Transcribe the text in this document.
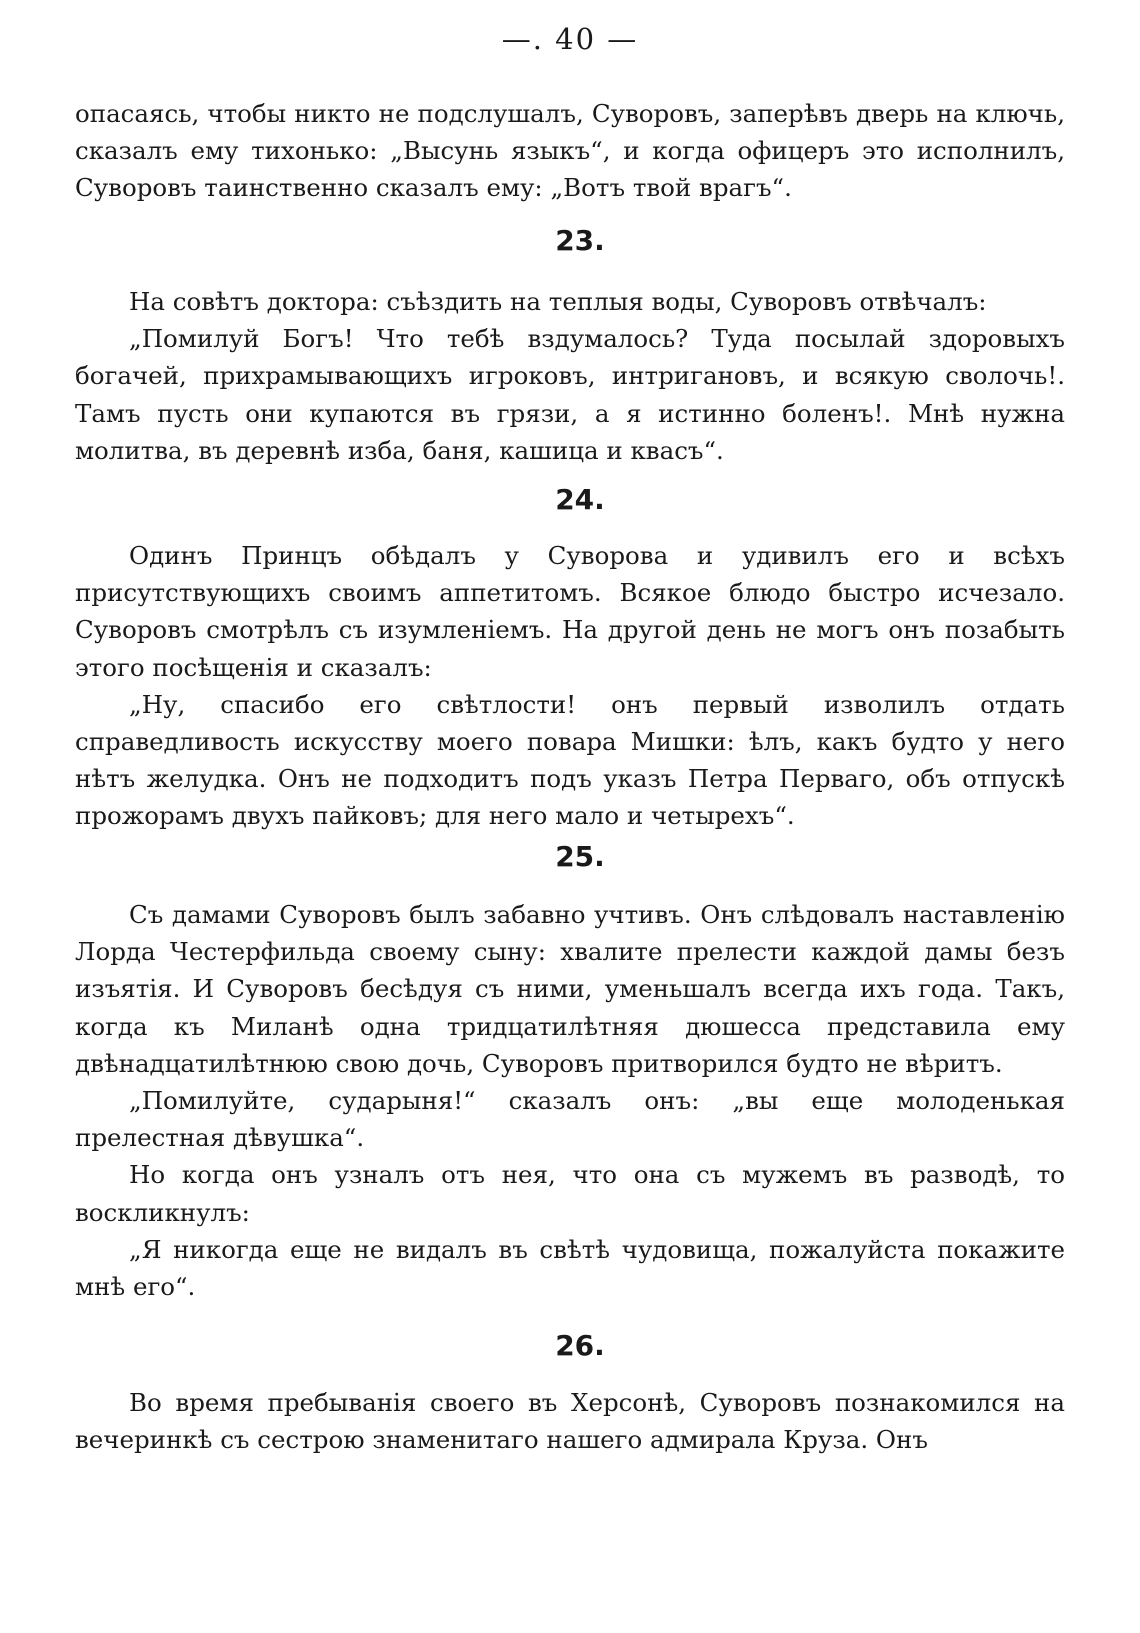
—. 40 —

опасаясь, чтобы никто не подслушалъ, Суворовъ, заперѣвъ дверь на ключь, сказалъ ему тихонько: „Высунь языкъ“, и когда офицеръ это исполнилъ, Суворовъ таинственно сказалъ ему: „Вотъ твой врагъ“.

23.

На совѣтъ доктора: съѣздить на теплыя воды, Суворовъ отвѣчалъ:

„Помилуй Богъ! Что тебѣ вздумалось? Туда посылай здоровыхъ богачей, прихрамывающихъ игроковъ, интригановъ, и всякую сволочь!. Тамъ пусть они купаются въ грязи, а я истинно боленъ!. Мнѣ нужна молитва, въ деревнѣ изба, баня, кашица и квасъ“.

24.

Одинъ Принцъ обѣдалъ у Суворова и удивилъ его и всѣхъ присутствующихъ своимъ аппетитомъ. Всякое блюдо быстро исчезало. Суворовъ смотрѣлъ съ изумленіемъ. На другой день не могъ онъ позабыть этого посѣщенія и сказалъ:

„Ну, спасибо его свѣтлости! онъ первый изволилъ отдать справедливость искусству моего повара Мишки: ѣлъ, какъ будто у него нѣтъ желудка. Онъ не подходитъ подъ указъ Петра Перваго, объ отпускѣ прожорамъ двухъ пайковъ; для него мало и четырехъ“.

25.

Съ дамами Суворовъ былъ забавно учтивъ. Онъ слѣдовалъ наставленію Лорда Честерфильда своему сыну: хвалите прелести каждой дамы безъ изъятія. И Суворовъ бесѣдуя съ ними, уменьшалъ всегда ихъ года. Такъ, когда къ Миланѣ одна тридцатилѣтняя дюшесса представила ему двѣнадцатилѣтнюю свою дочь, Суворовъ притворился будто не вѣритъ.

„Помилуйте, сударыня!“ сказалъ онъ: „вы еще молоденькая прелестная дѣвушка“.

Но когда онъ узналъ отъ нея, что она съ мужемъ въ разводѣ, то воскликнулъ:

„Я никогда еще не видалъ въ свѣтѣ чудовища, пожалуйста покажите мнѣ его“.

26.

Во время пребыванія своего въ Херсонѣ, Суворовъ познакомился на вечеринкѣ съ сестрою знаменитаго нашего адмирала Круза. Онъ
